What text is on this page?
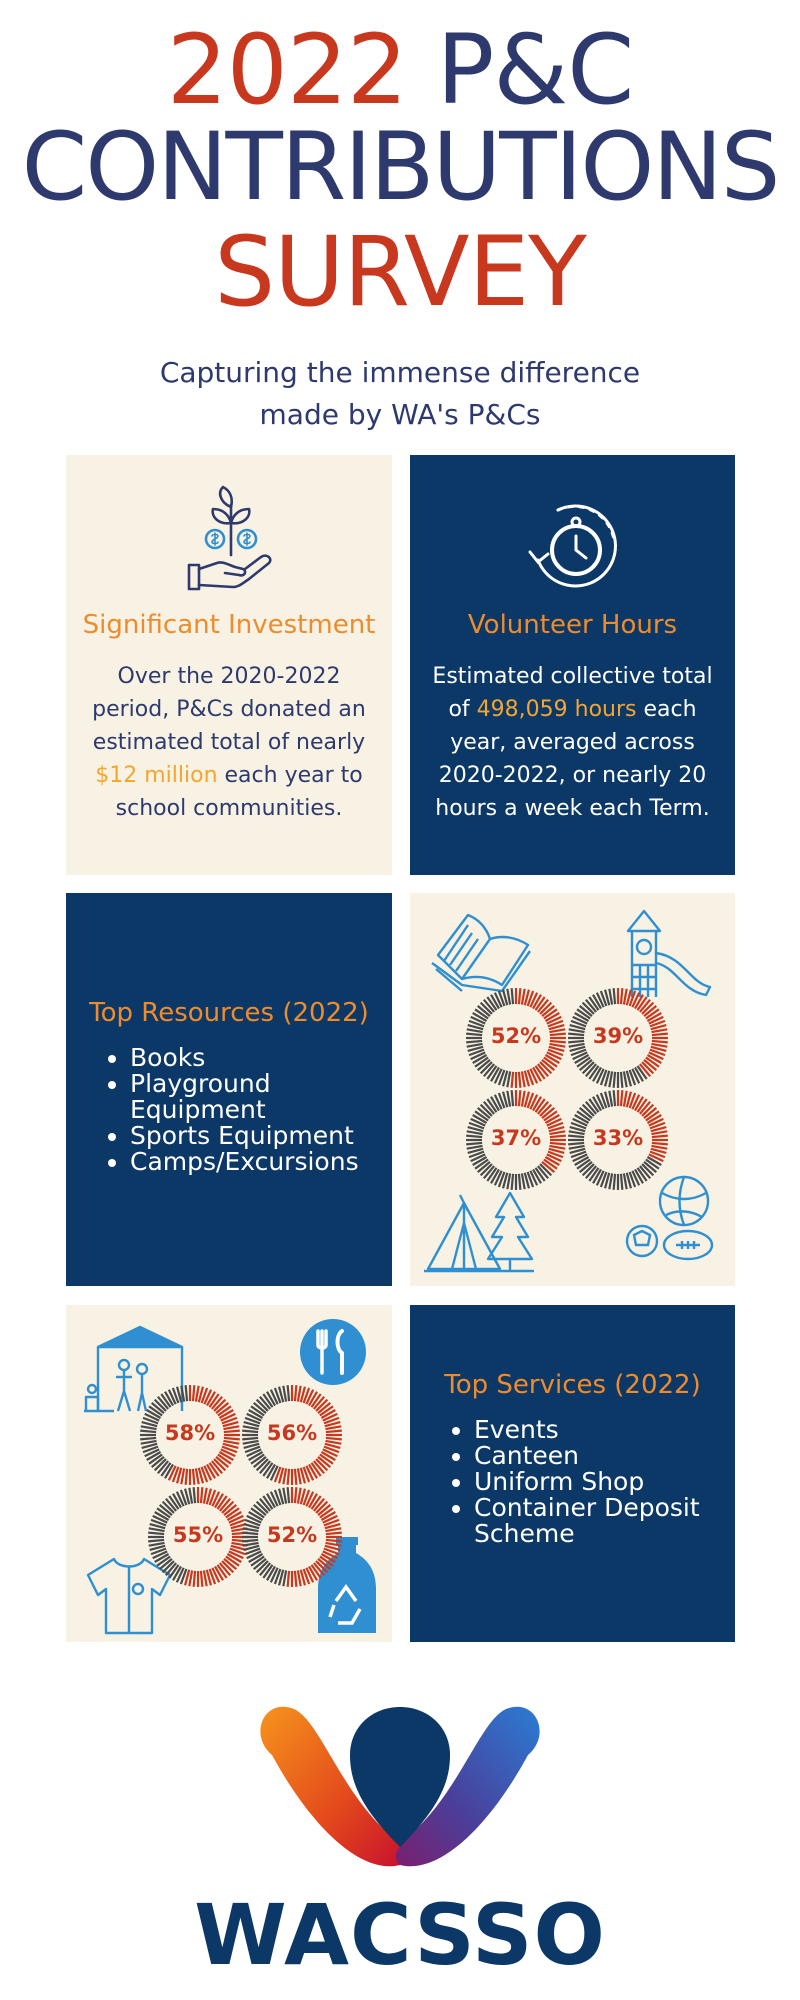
2022 P&C
CONTRIBUTIONS
SURVEY
Capturing the immense difference
made by WA's P&Cs
Significant Investment
Over the 2020-2022
period, P&Cs donated an
estimated total of nearly
$12 million each year to
school communities.
Volunteer Hours
Estimated collective total
of 498,059 hours each
year, averaged across
2020-2022, or nearly 20
hours a week each Term.
Top Resources (2022)
• Books
• Playground
Equipment
• Sports Equipment
• Camps/Excursions
52%	39%
37%	33%
58%	56%
55%	52%
Top Services (2022)
• Events
• Canteen
• Uniform Shop
• Container Deposit
Scheme
WACSSO
